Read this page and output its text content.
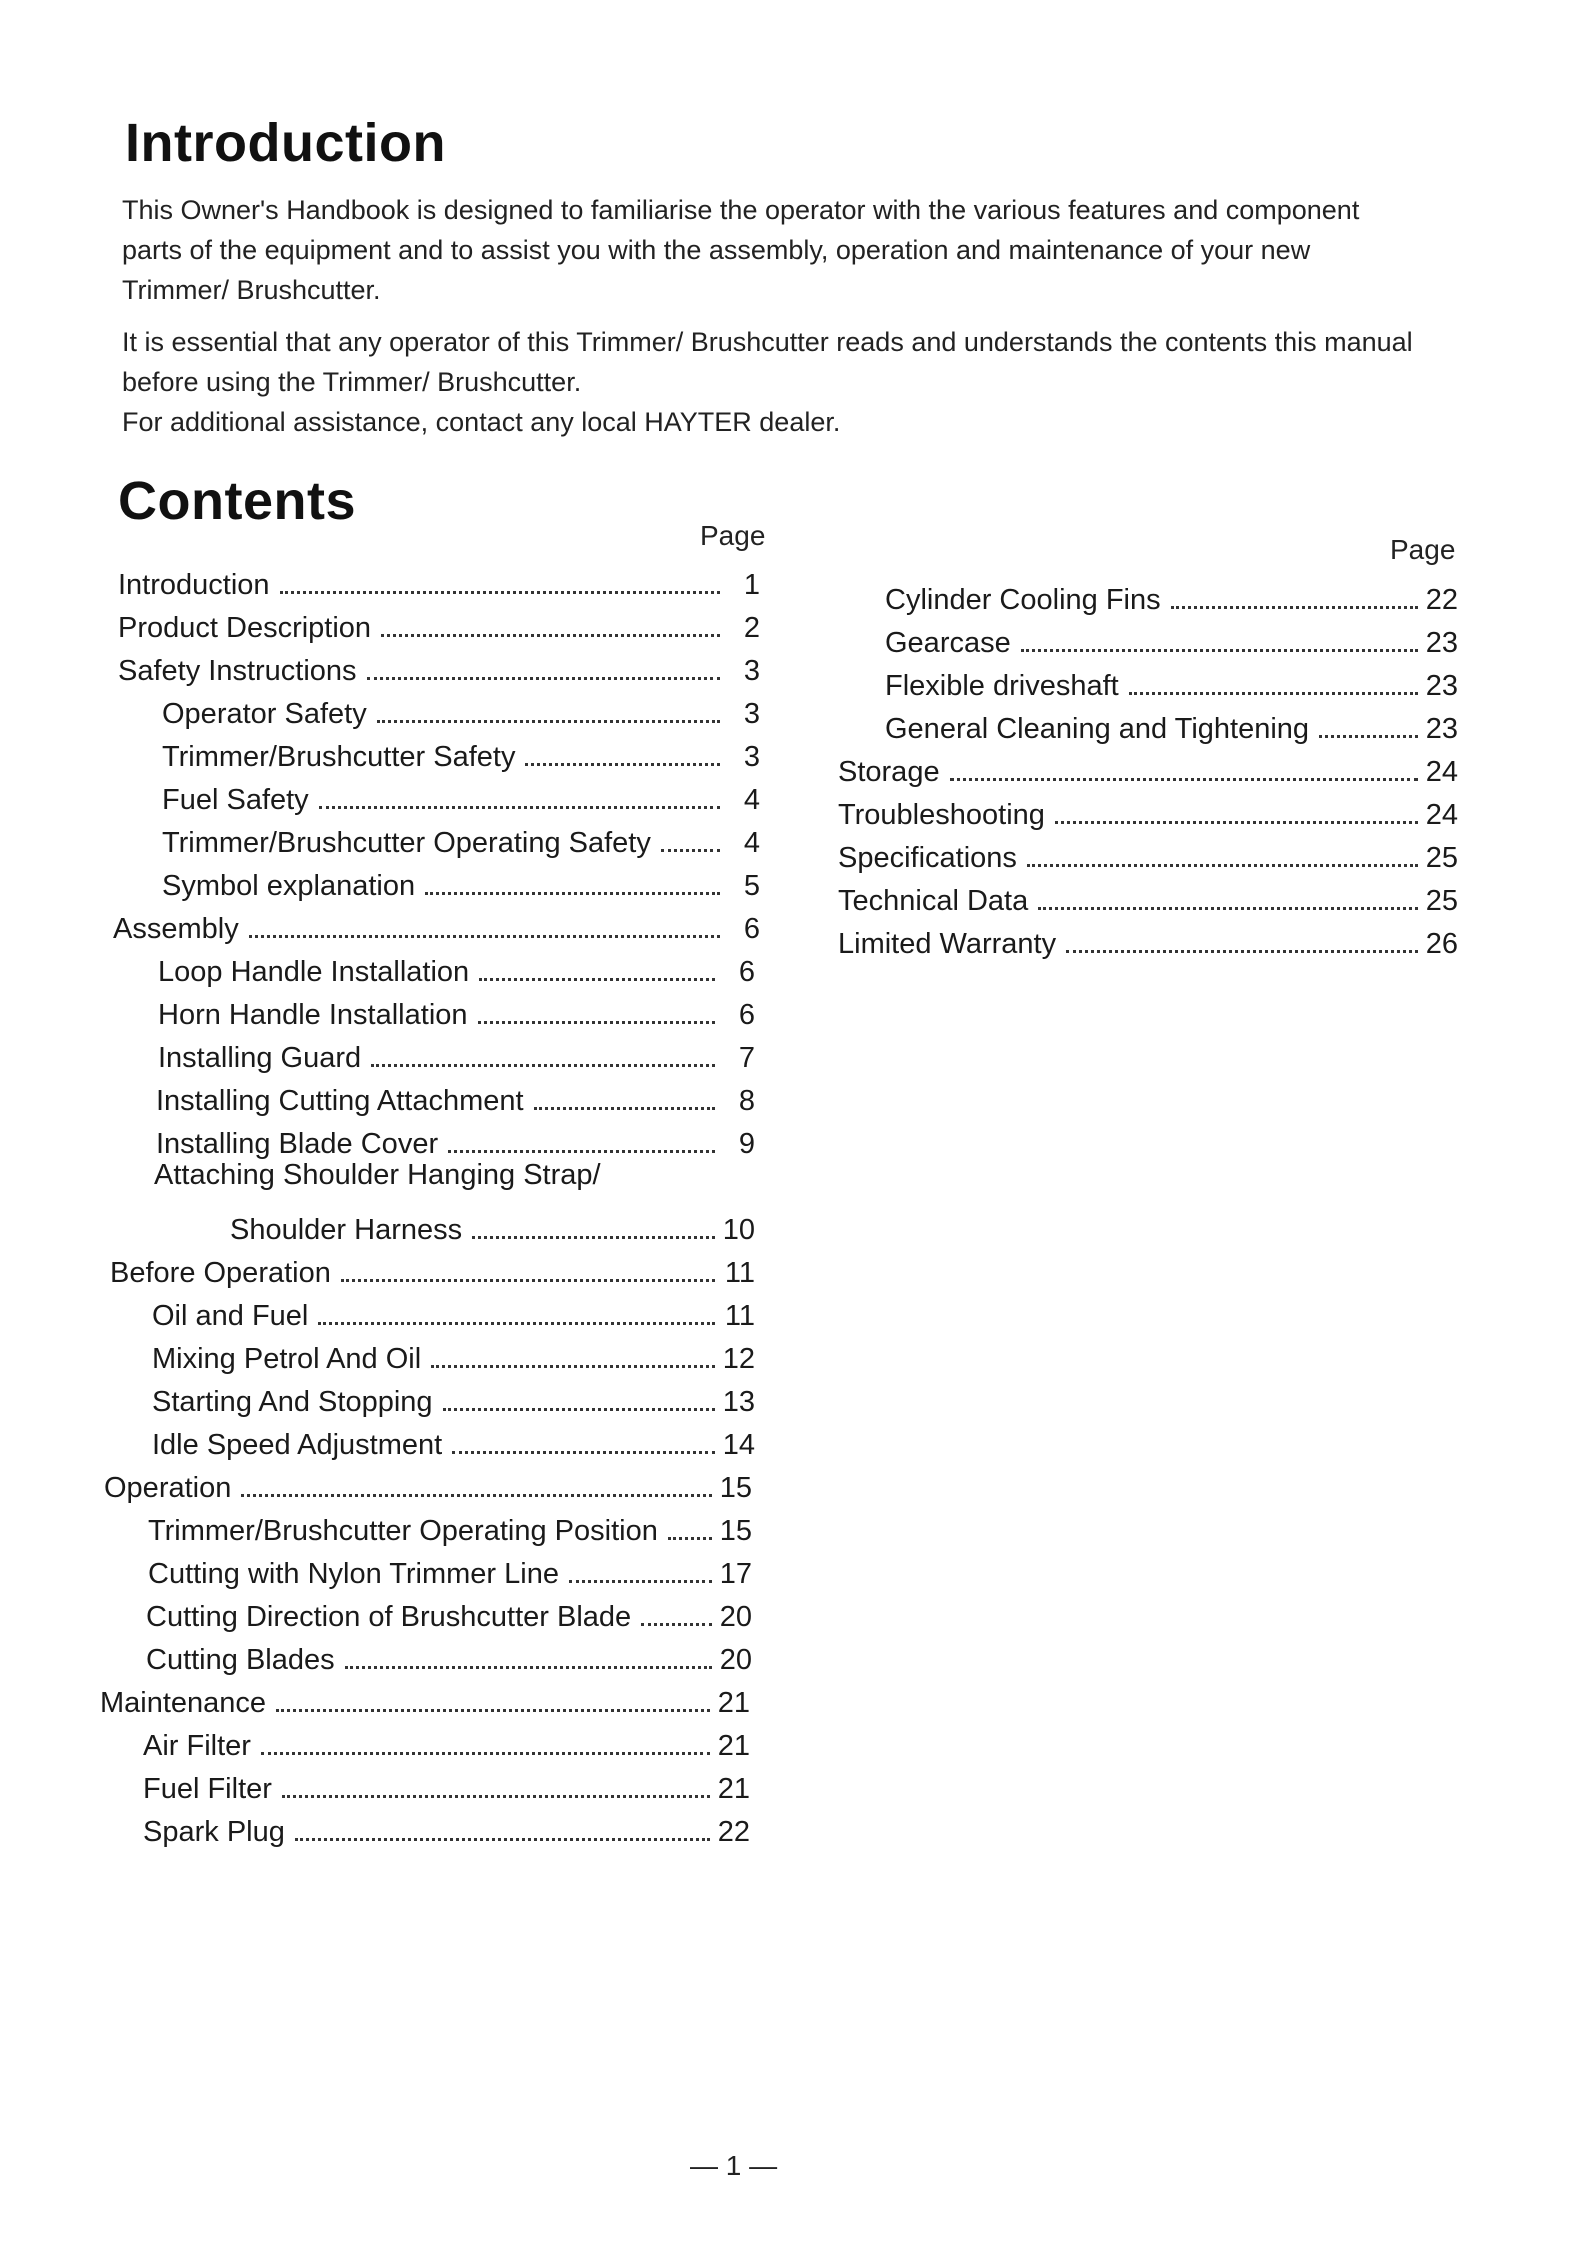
Introduction

This Owner's Handbook is designed to familiarise the operator with the various features and component parts of the equipment and to assist you with the assembly, operation and maintenance of your new Trimmer/ Brushcutter.

It is essential that any operator of this Trimmer/ Brushcutter reads and understands the contents this manual before using the Trimmer/ Brushcutter.
For additional assistance, contact any local HAYTER dealer.
Contents
Page	Page
Introduction	1
Product Description	2
Safety Instructions	3
Operator Safety	3
Trimmer/Brushcutter Safety	3
Fuel Safety	4
Trimmer/Brushcutter Operating Safety	4
Symbol explanation	5
Assembly	6
Loop Handle Installation	6
Horn Handle Installation	6
Installing Guard	7
Installing Cutting Attachment	8
Installing Blade Cover	9
Attaching Shoulder Hanging Strap/
Shoulder Harness	10
Before Operation	11
Oil and Fuel	11
Mixing Petrol And Oil	12
Starting And Stopping	13
Idle Speed Adjustment	14
Operation	15
Trimmer/Brushcutter Operating Position	15
Cutting with Nylon Trimmer Line	17
Cutting Direction of Brushcutter Blade	20
Cutting Blades	20
Maintenance	21
Air Filter	21
Fuel Filter	21
Spark Plug	22
Cylinder Cooling Fins	22
Gearcase	23
Flexible driveshaft	23
General Cleaning and Tightening	23
Storage	24
Troubleshooting	24
Specifications	25
Technical Data	25
Limited Warranty	26
— 1 —
